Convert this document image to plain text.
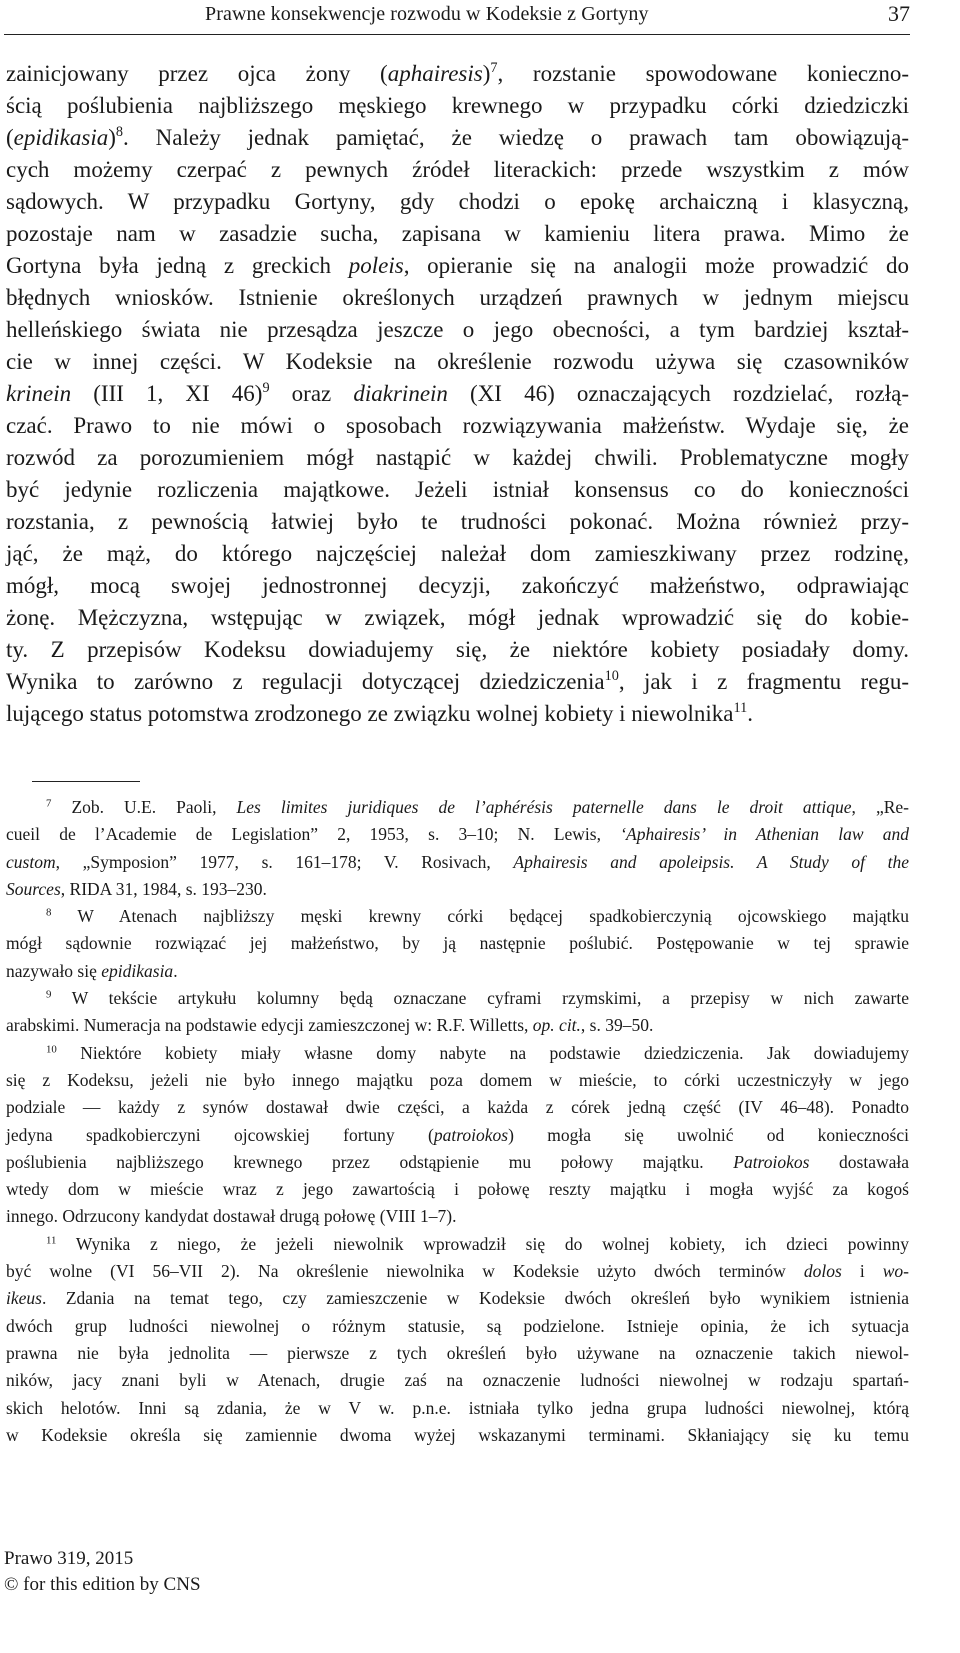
Prawne konsekwencje rozwodu w Kodeksie z Gortyny	37
zainicjowany przez ojca żony (aphairesis)$^7$, rozstanie spowodowane konieczno-
ścią poślubienia najbliższego męskiego krewnego w przypadku córki dziedziczki
(epidikasia)$^8$. Należy jednak pamiętać, że wiedzę o prawach tam obowiązują-
cych możemy czerpać z pewnych źródeł literackich: przede wszystkim z mów
sądowych. W przypadku Gortyny, gdy chodzi o epokę archaiczną i klasyczną,
pozostaje nam w zasadzie sucha, zapisana w kamieniu litera prawa. Mimo że
Gortyna była jedną z greckich poleis, opieranie się na analogii może prowadzić do
błędnych wniosków. Istnienie określonych urządzeń prawnych w jednym miejscu
helleńskiego świata nie przesądza jeszcze o jego obecności, a tym bardziej kształ-
cie w innej części. W Kodeksie na określenie rozwodu używa się czasowników
krinein (III 1, XI 46)$^9$ oraz diakrinein (XI 46) oznaczających rozdzielać, rozłą-
czać. Prawo to nie mówi o sposobach rozwiązywania małżeństw. Wydaje się, że
rozwód za porozumieniem mógł nastąpić w każdej chwili. Problematyczne mogły
być jedynie rozliczenia majątkowe. Jeżeli istniał konsensus co do konieczności
rozstania, z pewnością łatwiej było te trudności pokonać. Można również przy-
jąć, że mąż, do którego najczęściej należał dom zamieszkiwany przez rodzinę,
mógł, mocą swojej jednostronnej decyzji, zakończyć małżeństwo, odprawiając
żonę. Mężczyzna, wstępując w związek, mógł jednak wprowadzić się do kobie-
ty. Z przepisów Kodeksu dowiadujemy się, że niektóre kobiety posiadały domy.
Wynika to zarówno z regulacji dotyczącej dziedziczenia$^{10}$, jak i z fragmentu regu-
lującego status potomstwa zrodzonego ze związku wolnej kobiety i niewolnika$^{11}$.
$^7$ Zob. U.E. Paoli, Les limites juridiques de l’aphérésis paternelle dans le droit attique, „Re-
cueil de l’Academie de Legislation” 2, 1953, s. 3–10; N. Lewis, ‘Aphairesis’ in Athenian law and
custom, „Symposion” 1977, s. 161–178; V. Rosivach, Aphairesis and apoleipsis. A Study of the
Sources, RIDA 31, 1984, s. 193–230.
$^8$ W Atenach najbliższy męski krewny córki będącej spadkobierczynią ojcowskiego majątku
mógł sądownie rozwiązać jej małżeństwo, by ją następnie poślubić. Postępowanie w tej sprawie
nazywało się epidikasia.
$^9$ W tekście artykułu kolumny będą oznaczane cyframi rzymskimi, a przepisy w nich zawarte
arabskimi. Numeracja na podstawie edycji zamieszczonej w: R.F. Willetts, op. cit., s. 39–50.
$^{10}$ Niektóre kobiety miały własne domy nabyte na podstawie dziedziczenia. Jak dowiadujemy
się z Kodeksu, jeżeli nie było innego majątku poza domem w mieście, to córki uczestniczyły w jego
podziale — każdy z synów dostawał dwie części, a każda z córek jedną część (IV 46–48). Ponadto
jedyna spadkobierczyni ojcowskiej fortuny (patroiokos) mogła się uwolnić od konieczności
poślubienia najbliższego krewnego przez odstąpienie mu połowy majątku. Patroiokos dostawała
wtedy dom w mieście wraz z jego zawartością i połowę reszty majątku i mogła wyjść za kogoś
innego. Odrzucony kandydat dostawał drugą połowę (VIII 1–7).
$^{11}$ Wynika z niego, że jeżeli niewolnik wprowadził się do wolnej kobiety, ich dzieci powinny
być wolne (VI 56–VII 2). Na określenie niewolnika w Kodeksie użyto dwóch terminów dolos i wo-
ikeus. Zdania na temat tego, czy zamieszczenie w Kodeksie dwóch określeń było wynikiem istnienia
dwóch grup ludności niewolnej o różnym statusie, są podzielone. Istnieje opinia, że ich sytuacja
prawna nie była jednolita — pierwsze z tych określeń było używane na oznaczenie takich niewol-
ników, jacy znani byli w Atenach, drugie zaś na oznaczenie ludności niewolnej w rodzaju spartań-
skich helotów. Inni są zdania, że w V w. p.n.e. istniała tylko jedna grupa ludności niewolnej, którą
w Kodeksie określa się zamiennie dwoma wyżej wskazanymi terminami. Skłaniający się ku temu
Prawo 319, 2015
© for this edition by CNS
